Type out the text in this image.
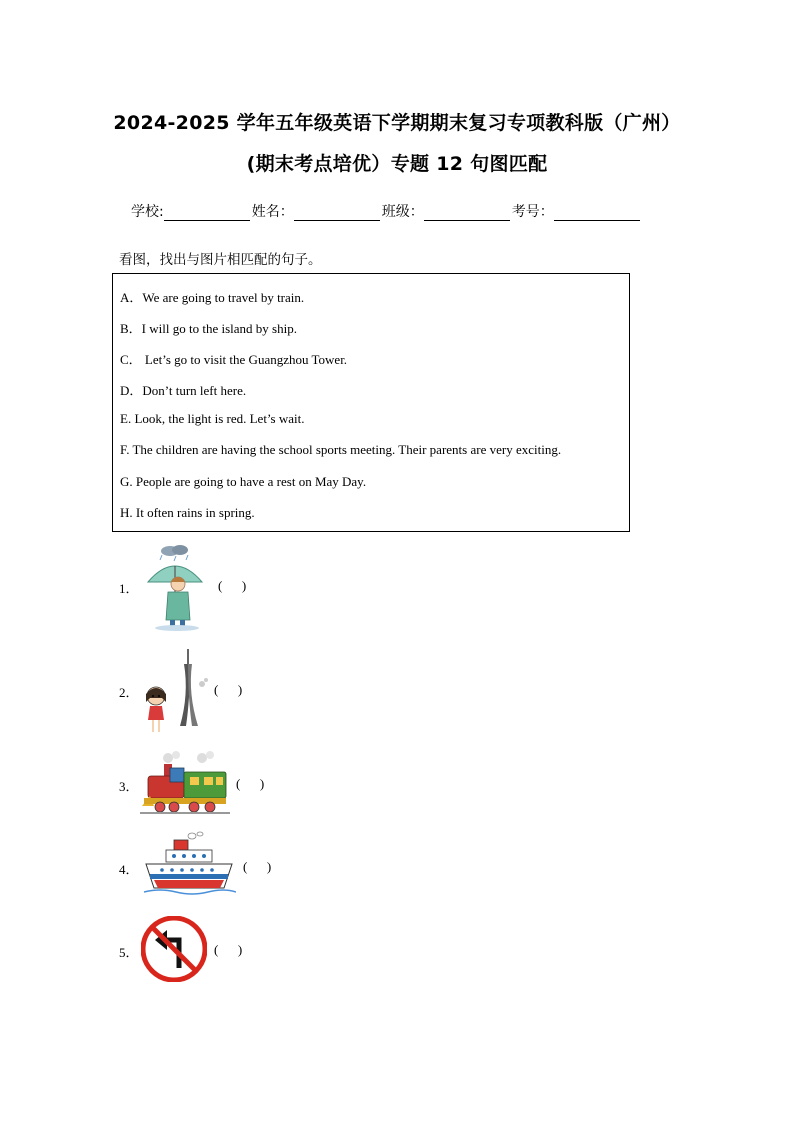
2024-2025 学年五年级英语下学期期末复习专项教科版（广州）
(期末考点培优）专题 12 句图匹配
学校:	姓名：	班级：	考号：
看图，找出与图片相匹配的句子。
A．We are going to travel by train.
B．I will go to the island by ship.
C． Let’s go to visit the Guangzhou Tower.
D．Don’t turn left here.
E. Look, the light is red. Let’s wait.
F. The children are having the school sports meeting. Their parents are very exciting.
G. People are going to have a rest on May Day.
H. It often rains in spring.
1．	(      )
2．	(      )
3．	(      )
4．	(      )
5．	(      )
